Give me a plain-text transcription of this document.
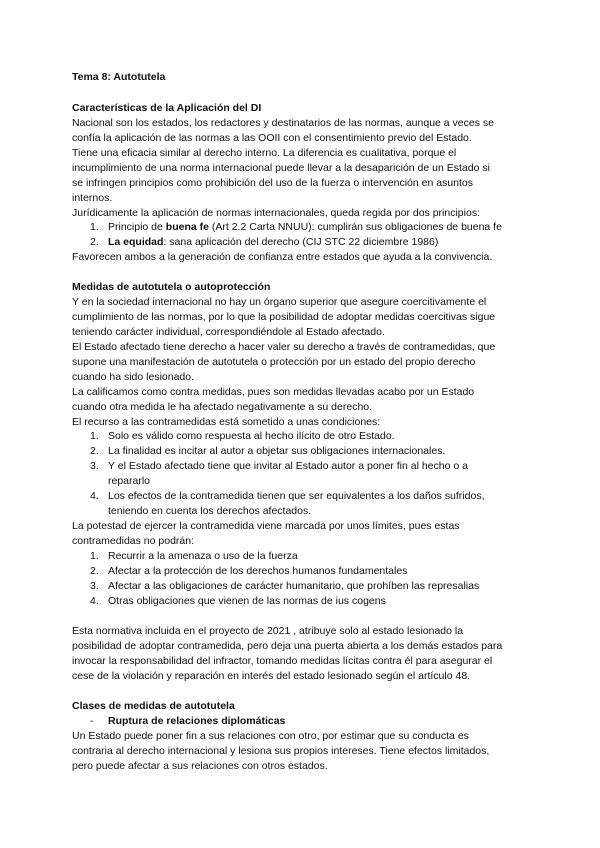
Tema 8: Autotutela
Características de la Aplicación del DI
Nacional son los estados, los redactores y destinatarios de las normas, aunque a veces se
confía la aplicación de las normas a las OOII con el consentimiento previo del Estado.
Tiene una eficacia similar al derecho interno. La diferencia es cualitativa, porque el
incumplimiento de una norma internacional puede llevar a la desaparición de un Estado si
se infringen principios como prohibición del uso de la fuerza o intervención en asuntos
internos.
Jurídicamente la aplicación de normas internacionales, queda regida por dos principios:
1. Principio de buena fe (Art 2.2 Carta NNUU): cumplirán sus obligaciones de buena fe
2. La equidad: sana aplicación del derecho (CIJ STC 22 diciembre 1986)
Favorecen ambos a la generación de confianza entre estados que ayuda a la convivencia.
Medidas de autotutela o autoprotección
Y en la sociedad internacional no hay un órgano superior que asegure coercitivamente el
cumplimiento de las normas, por lo que la posibilidad de adoptar medidas coercitivas sigue
teniendo carácter individual, correspondiéndole al Estado afectado.
El Estado afectado tiene derecho a hacer valer su derecho a través de contramedidas, que
supone una manifestación de autotutela o protección por un estado del propio derecho
cuando ha sido lesionado.
La calificamos como contra medidas, pues son medidas llevadas acabo por un Estado
cuando otra medida le ha afectado negativamente a su derecho.
El recurso a las contramedidas está sometido a unas condiciones:
1. Solo es válido como respuesta al hecho ilícito de otro Estado.
2. La finalidad es incitar al autor a objetar sus obligaciones internacionales.
3. Y el Estado afectado tiene que invitar al Estado autor a poner fin al hecho o a
repararlo
4. Los efectos de la contramedida tienen que ser equivalentes a los daños sufridos,
teniendo en cuenta los derechos afectados.
La potestad de ejercer la contramedida viene marcada por unos límites, pues estas
contramedidas no podrán:
1. Recurrir a la amenaza o uso de la fuerza
2. Afectar a la protección de los derechos humanos fundamentales
3. Afectar a las obligaciones de carácter humanitario, que prohíben las represalias
4. Otras obligaciones que vienen de las normas de ius cogens
Esta normativa incluida en el proyecto de 2021 , atribuye solo al estado lesionado la
posibilidad de adoptar contramedida, pero deja una puerta abierta a los demás estados para
invocar la responsabilidad del infractor, tomando medidas lícitas contra él para asegurar el
cese de la violación y reparación en interés del estado lesionado según el artículo 48.
Clases de medidas de autotutela
- Ruptura de relaciones diplomáticas
Un Estado puede poner fin a sus relaciones con otro, por estimar que su conducta es
contraria al derecho internacional y lesiona sus propios intereses. Tiene efectos limitados,
pero puede afectar a sus relaciones con otros estados.
